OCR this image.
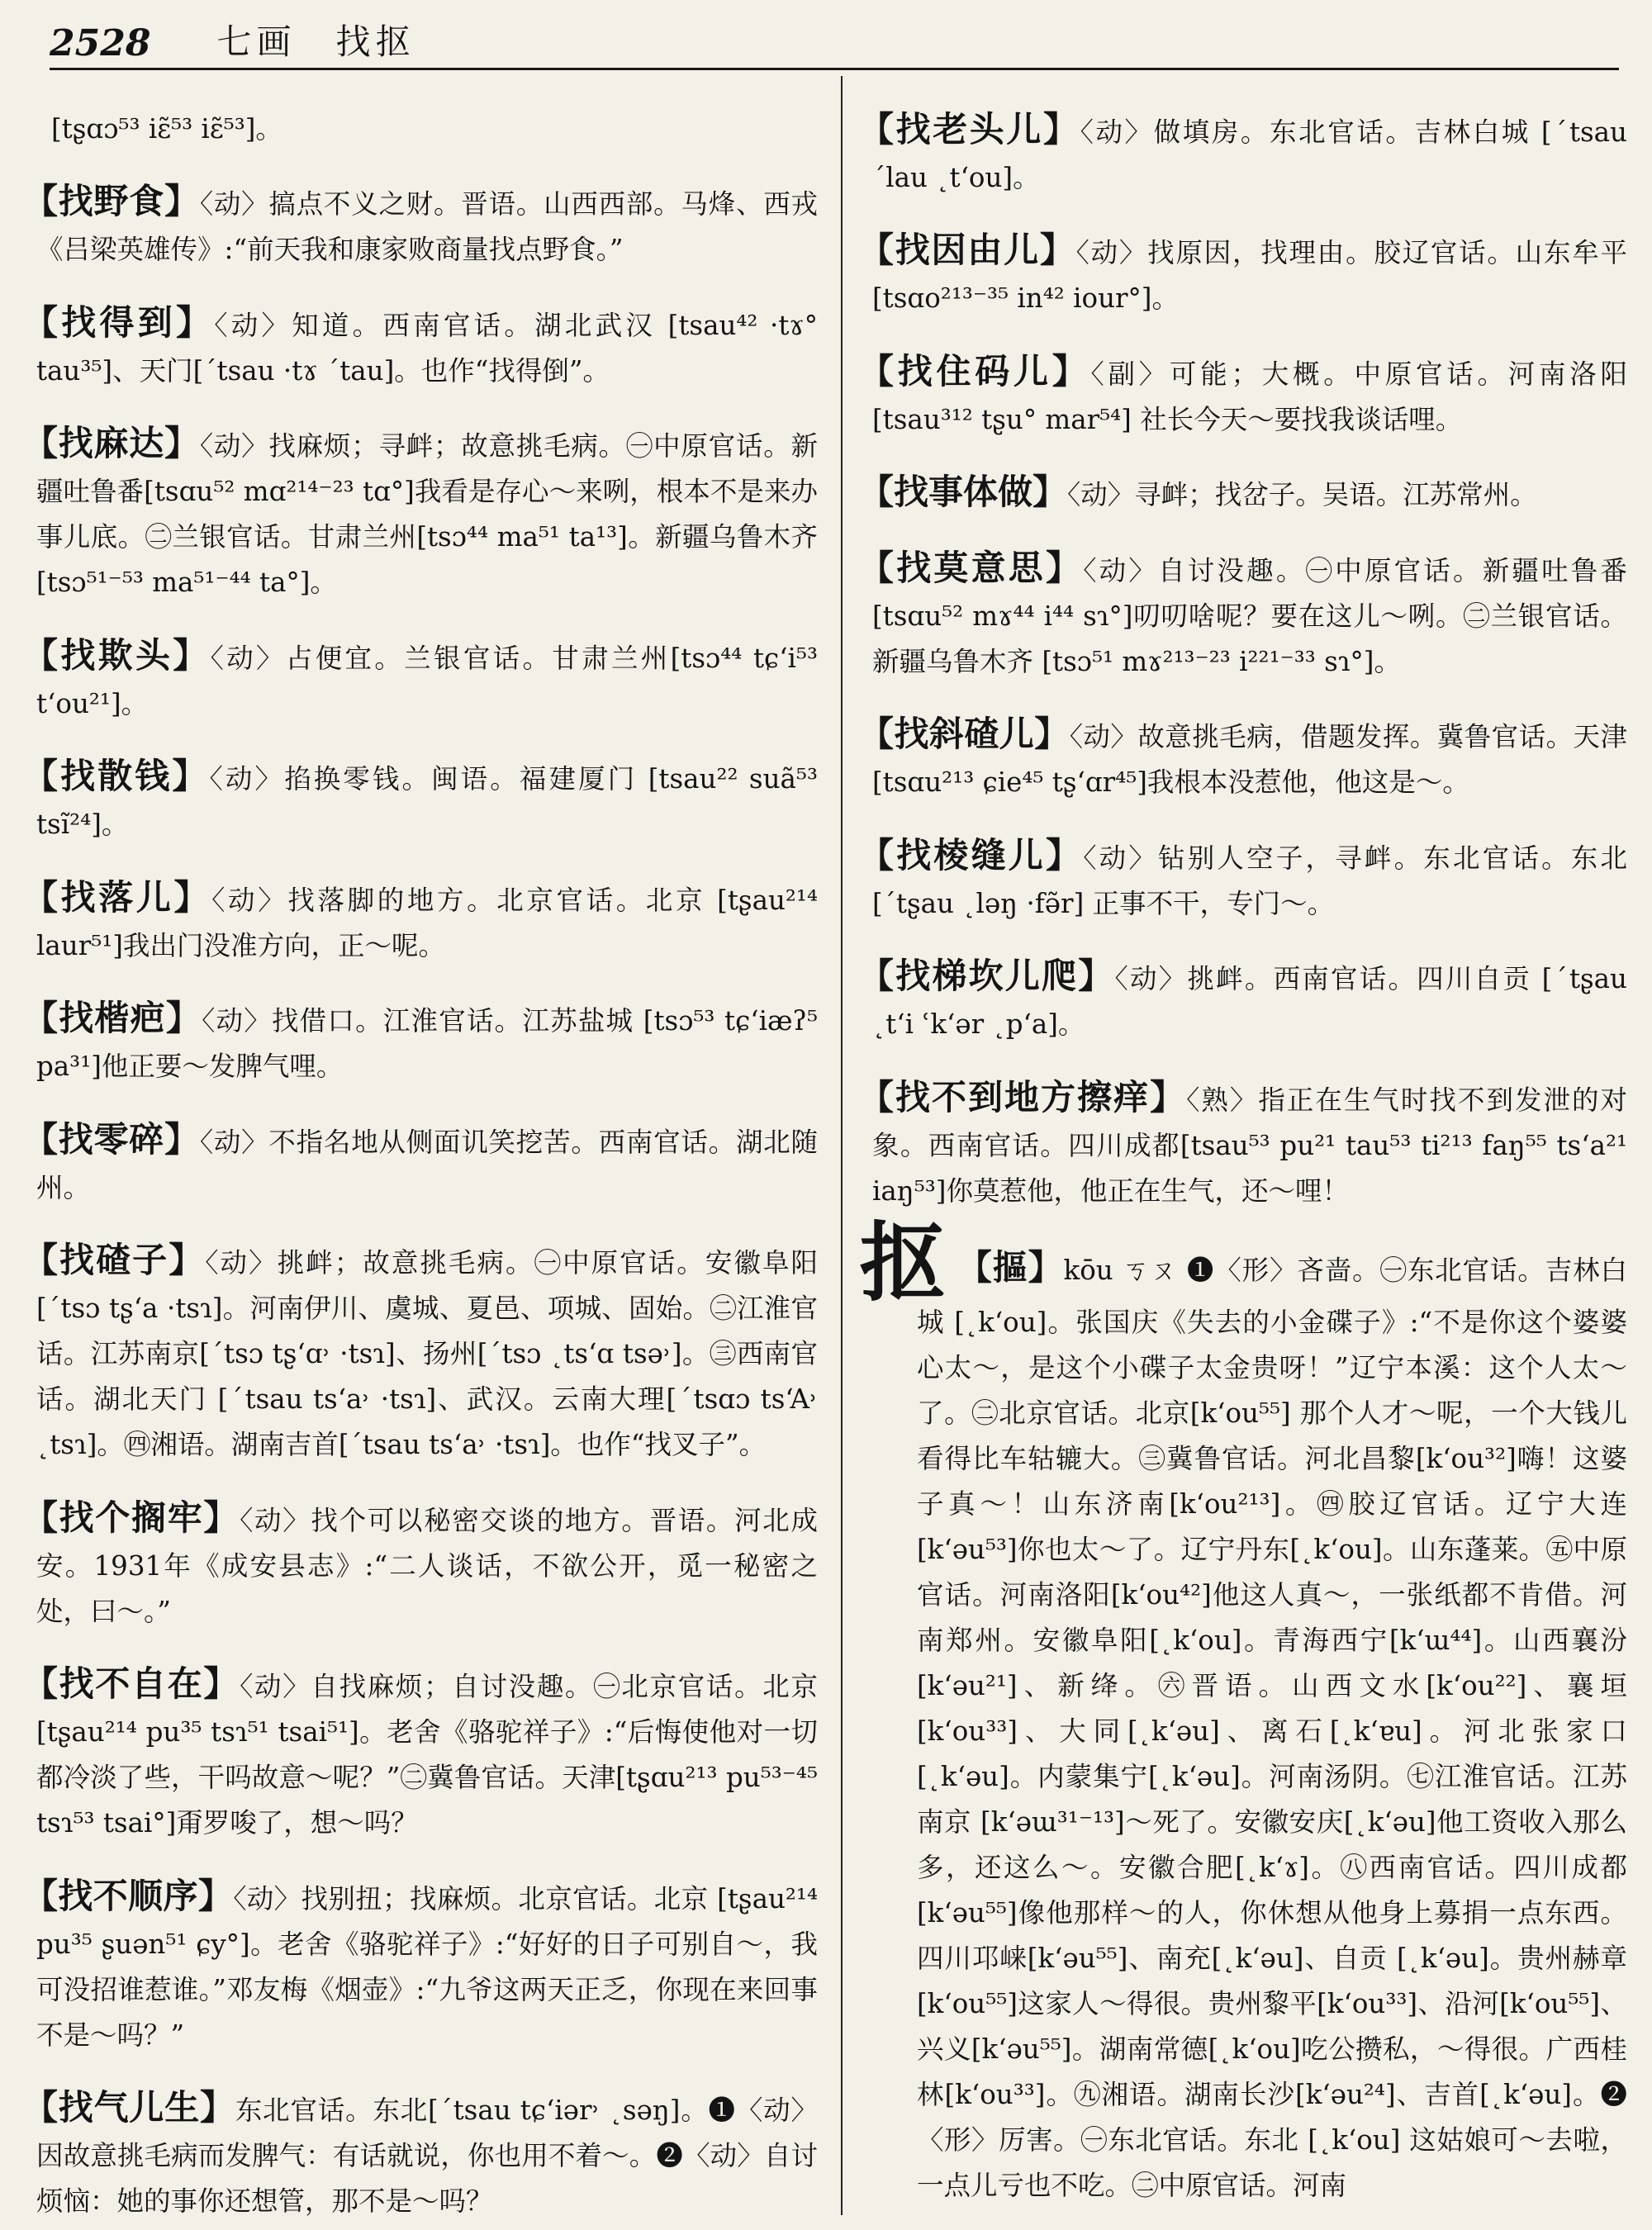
2528 七画　找抠

[tʂɑɔ⁵³ iɛ̃⁵³ iɛ̃⁵³]。

【找野食】〈动〉搞点不义之财。晋语。山西西部。马烽、西戎《吕梁英雄传》:“前天我和康家败商量找点野食。”

【找得到】〈动〉知道。西南官话。湖北武汉 [tsau⁴² ·tɤ° tau³⁵]、天门[ˊtsau ·tɤ ˊtau]。也作“找得倒”。

【找麻达】〈动〉找麻烦；寻衅；故意挑毛病。㊀中原官话。新疆吐鲁番[tsɑu⁵² mɑ²¹⁴⁻²³ tɑ°]我看是存心～来咧，根本不是来办事儿底。㊁兰银官话。甘肃兰州[tsɔ⁴⁴ ma⁵¹ ta¹³]。新疆乌鲁木齐[tsɔ⁵¹⁻⁵³ ma⁵¹⁻⁴⁴ ta°]。

【找欺头】〈动〉占便宜。兰银官话。甘肃兰州[tsɔ⁴⁴ tɕʻi⁵³ tʻou²¹]。

【找散钱】〈动〉掐换零钱。闽语。福建厦门 [tsau²² suã⁵³ tsĩ²⁴]。

【找落儿】〈动〉找落脚的地方。北京官话。北京 [tʂau²¹⁴ laur⁵¹]我出门没准方向，正～呢。

【找楷疤】〈动〉找借口。江淮官话。江苏盐城 [tsɔ⁵³ tɕʻiæʔ⁵ pa³¹]他正要～发脾气哩。

【找零碎】〈动〉不指名地从侧面讥笑挖苦。西南官话。湖北随州。

【找碴子】〈动〉挑衅；故意挑毛病。㊀中原官话。安徽阜阳[ˊtsɔ tʂʻa ·tsɿ]。河南伊川、虞城、夏邑、项城、固始。㊁江淮官话。江苏南京[ˊtsɔ tʂʻɑ˒ ·tsɿ]、扬州[ˊtsɔ ˛tsʻɑ tsə˒]。㊂西南官话。湖北天门 [ˊtsau tsʻa˒ ·tsɿ]、武汉。云南大理[ˊtsɑɔ tsʻA˒ ˛tsɿ]。㊃湘语。湖南吉首[ˊtsau tsʻa˒ ·tsɿ]。也作“找叉子”。

【找个搁牢】〈动〉找个可以秘密交谈的地方。晋语。河北成安。1931年《成安县志》:“二人谈话，不欲公开，觅一秘密之处，曰～。”

【找不自在】〈动〉自找麻烦；自讨没趣。㊀北京官话。北京[tʂau²¹⁴ pu³⁵ tsɿ⁵¹ tsai⁵¹]。老舍《骆驼祥子》:“后悔使他对一切都冷淡了些，干吗故意～呢？”㊁冀鲁官话。天津[tʂɑu²¹³ pu⁵³⁻⁴⁵ tsɿ⁵³ tsai°]甭罗唆了，想～吗？

【找不顺序】〈动〉找别扭；找麻烦。北京官话。北京 [tʂau²¹⁴ pu³⁵ ʂuən⁵¹ ɕy°]。老舍《骆驼祥子》:“好好的日子可别自～，我可没招谁惹谁。”邓友梅《烟壶》:“九爷这两天正乏，你现在来回事不是～吗？”

【找气儿生】东北官话。东北[ˊtsau tɕʻiər˒ ˛səŋ]。❶〈动〉因故意挑毛病而发脾气：有话就说，你也用不着～。❷〈动〉自讨烦恼：她的事你还想管，那不是～吗？

【找老头儿】〈动〉做填房。东北官话。吉林白城 [ˊtsau ˊlau ˛tʻou]。

【找因由儿】〈动〉找原因，找理由。胶辽官话。山东牟平[tsɑo²¹³⁻³⁵ in⁴² iour°]。

【找住码儿】〈副〉可能；大概。中原官话。河南洛阳 [tsau³¹² tʂu° mar⁵⁴] 社长今天～要找我谈话哩。

【找事体做】〈动〉寻衅；找岔子。吴语。江苏常州。

【找莫意思】〈动〉自讨没趣。㊀中原官话。新疆吐鲁番[tsɑu⁵² mɤ⁴⁴ i⁴⁴ sɿ°]叨叨啥呢？要在这儿～咧。㊁兰银官话。新疆乌鲁木齐 [tsɔ⁵¹ mɤ²¹³⁻²³ i²²¹⁻³³ sɿ°]。

【找斜碴儿】〈动〉故意挑毛病，借题发挥。冀鲁官话。天津[tsɑu²¹³ ɕie⁴⁵ tʂʻɑr⁴⁵]我根本没惹他，他这是～。

【找棱缝儿】〈动〉钻别人空子，寻衅。东北官话。东北[ˊtʂau ˛ləŋ ·fə̃r] 正事不干，专门～。

【找梯坎儿爬】〈动〉挑衅。西南官话。四川自贡 [ˊtʂau ˛tʻi ʿkʻər ˛pʻa]。

【找不到地方擦痒】〈熟〉指正在生气时找不到发泄的对象。西南官话。四川成都[tsau⁵³ pu²¹ tau⁵³ ti²¹³ faŋ⁵⁵ tsʻa²¹ iaŋ⁵³]你莫惹他，他正在生气，还～哩！

抠 【摳】kōu ㄎㄡ ❶〈形〉吝啬。㊀东北官话。吉林白城 [˛kʻou]。张国庆《失去的小金碟子》:“不是你这个婆婆心太～，是这个小碟子太金贵呀！”辽宁本溪：这个人太～了。㊁北京官话。北京[kʻou⁵⁵] 那个人才～呢，一个大钱儿看得比车轱辘大。㊂冀鲁官话。河北昌黎[kʻou³²]嗨！这婆子真～！山东济南[kʻou²¹³]。㊃胶辽官话。辽宁大连[kʻəu⁵³]你也太～了。辽宁丹东[˛kʻou]。山东蓬莱。㊄中原官话。河南洛阳[kʻou⁴²]他这人真～，一张纸都不肯借。河南郑州。安徽阜阳[˛kʻou]。青海西宁[kʻɯ⁴⁴]。山西襄汾[kʻəu²¹]、新绛。㊅晋语。山西文水[kʻou²²]、襄垣[kʻou³³]、大同[˛kʻəu]、离石[˛kʻɐu]。河北张家口 [˛kʻəu]。内蒙集宁[˛kʻəu]。河南汤阴。㊆江淮官话。江苏南京 [kʻəɯ³¹⁻¹³]～死了。安徽安庆[˛kʻəu]他工资收入那么多，还这么～。安徽合肥[˛kʻɤ]。㊇西南官话。四川成都 [kʻəu⁵⁵]像他那样～的人，你休想从他身上募捐一点东西。四川邛崃[kʻəu⁵⁵]、南充[˛kʻəu]、自贡 [˛kʻəu]。贵州赫章[kʻou⁵⁵]这家人～得很。贵州黎平[kʻou³³]、沿河[kʻou⁵⁵]、兴义[kʻəu⁵⁵]。湖南常德[˛kʻou]吃公攒私，～得很。广西桂林[kʻou³³]。㊈湘语。湖南长沙[kʻəu²⁴]、吉首[˛kʻəu]。❷〈形〉厉害。㊀东北官话。东北 [˛kʻou] 这姑娘可～去啦，一点儿亏也不吃。㊁中原官话。河南
